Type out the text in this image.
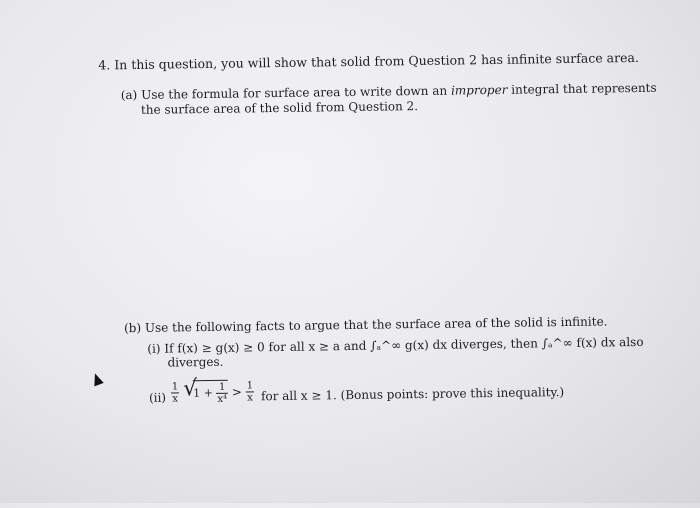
4. In this question, you will show that solid from Question 2 has infinite surface area.
(a) Use the formula for surface area to write down an improper integral that represents
the surface area of the solid from Question 2.
(b) Use the following facts to argue that the surface area of the solid is infinite.
(i) If f(x) ≥ g(x) ≥ 0 for all x ≥ a and ∫ₐ^∞ g(x) dx diverges, then ∫ₐ^∞ f(x) dx also
diverges.
$(ii) \frac{1}{x}$
√
$1 + \frac{1}{\text{x⁴}} > \frac{1}{x}$ for all x ≥ 1. (Bonus points: prove this inequality.)
